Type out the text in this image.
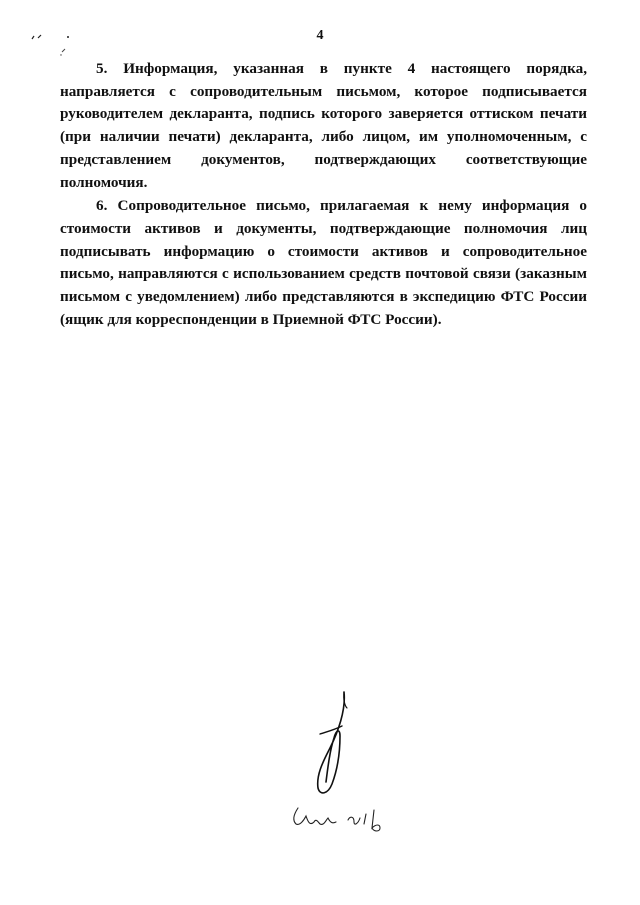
4

5. Информация, указанная в пункте 4 настоящего порядка, направляется с сопроводительным письмом, которое подписывается руководителем декларанта, подпись которого заверяется оттиском печати (при наличии печати) декларанта, либо лицом, им уполномоченным, с представлением документов, подтверждающих соответствующие полномочия.

6. Сопроводительное письмо, прилагаемая к нему информация о стоимости активов и документы, подтверждающие полномочия лиц подписывать информацию о стоимости активов и сопроводительное письмо, направляются с использованием средств почтовой связи (заказным письмом с уведомлением) либо представляются в экспедицию ФТС России (ящик для корреспонденции в Приемной ФТС России).
